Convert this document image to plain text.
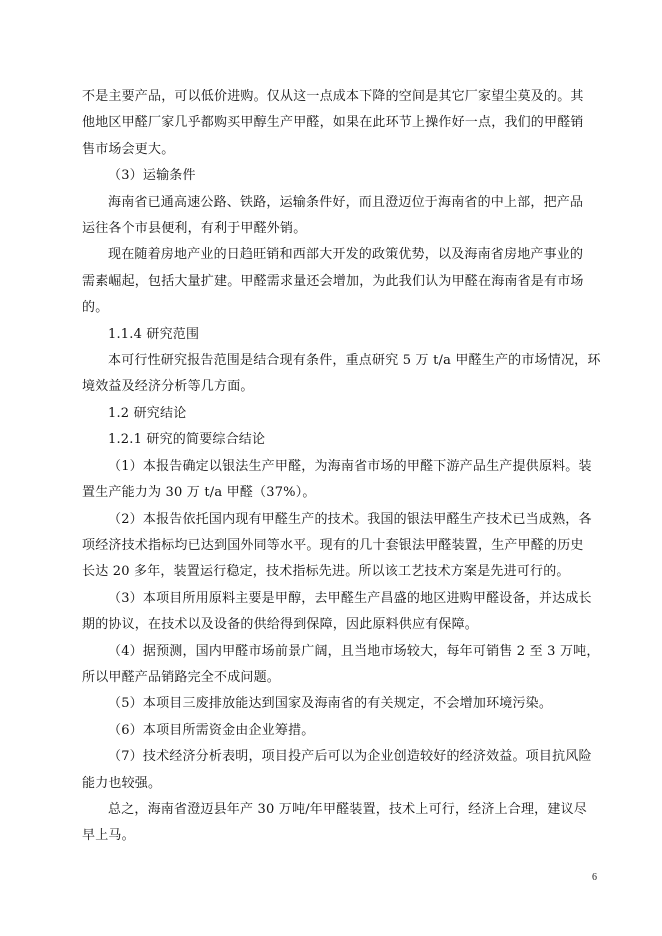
不是主要产品，可以低价进购。仅从这一点成本下降的空间是其它厂家望尘莫及的。其
他地区甲醛厂家几乎都购买甲醇生产甲醛，如果在此环节上操作好一点，我们的甲醛销
售市场会更大。
（3）运输条件
海南省已通高速公路、铁路，运输条件好，而且澄迈位于海南省的中上部，把产品
运往各个市县便利，有利于甲醛外销。
现在随着房地产业的日趋旺销和西部大开发的政策优势，以及海南省房地产事业的
需素崛起，包括大量扩建。甲醛需求量还会增加，为此我们认为甲醛在海南省是有市场
的。
1.1.4 研究范围
本可行性研究报告范围是结合现有条件，重点研究 5 万 t/a 甲醛生产的市场情况，环
境效益及经济分析等几方面。
1.2 研究结论
1.2.1 研究的简要综合结论
（1）本报告确定以银法生产甲醛，为海南省市场的甲醛下游产品生产提供原料。装
置生产能力为 30 万 t/a 甲醛（37%）。
（2）本报告依托国内现有甲醛生产的技术。我国的银法甲醛生产技术已当成熟，各
项经济技术指标均已达到国外同等水平。现有的几十套银法甲醛装置，生产甲醛的历史
长达 20 多年，装置运行稳定，技术指标先进。所以该工艺技术方案是先进可行的。
（3）本项目所用原料主要是甲醇，去甲醛生产昌盛的地区进购甲醛设备，并达成长
期的协议，在技术以及设备的供给得到保障，因此原料供应有保障。
（4）据预测，国内甲醛市场前景广阔，且当地市场较大，每年可销售 2 至 3 万吨，
所以甲醛产品销路完全不成问题。
（5）本项目三废排放能达到国家及海南省的有关规定，不会增加环境污染。
（6）本项目所需资金由企业筹措。
（7）技术经济分析表明，项目投产后可以为企业创造较好的经济效益。项目抗风险
能力也较强。
总之，海南省澄迈县年产 30 万吨/年甲醛装置，技术上可行，经济上合理，建议尽
早上马。
6
